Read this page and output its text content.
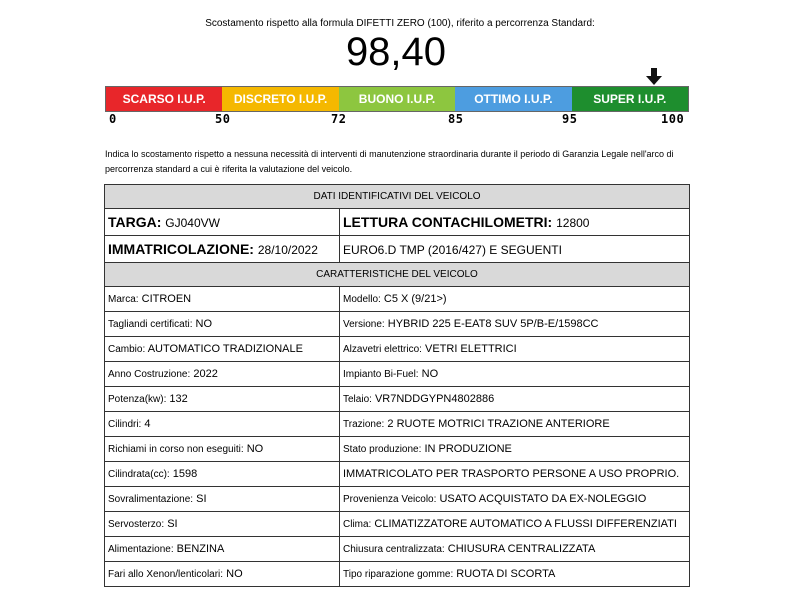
Scostamento rispetto alla formula DIFETTI ZERO (100), riferito a percorrenza Standard:
98,40
SCARSO I.U.P.	DISCRETO I.U.P.	BUONO I.U.P.	OTTIMO I.U.P.	SUPER I.U.P.
0	50	72	85	95	100
Indica lo scostamento rispetto a nessuna necessità di interventi di manutenzione straordinaria durante il periodo di Garanzia Legale nell'arco di percorrenza standard a cui è riferita la valutazione del veicolo.
DATI IDENTIFICATIVI DEL VEICOLO	
TARGA: GJ040VW	LETTURA CONTACHILOMETRI: 12800
IMMATRICOLAZIONE: 28/10/2022	EURO6.D TMP (2016/427) E SEGUENTI
CARATTERISTICHE DEL VEICOLO	
Marca: CITROEN	Modello: C5 X (9/21>)
Tagliandi certificati: NO	Versione: HYBRID 225 E-EAT8 SUV 5P/B-E/1598CC
Cambio: AUTOMATICO TRADIZIONALE	Alzavetri elettrico: VETRI ELETTRICI
Anno Costruzione: 2022	Impianto Bi-Fuel: NO
Potenza(kw): 132	Telaio: VR7NDDGYPN4802886
Cilindri: 4	Trazione: 2 RUOTE MOTRICI TRAZIONE ANTERIORE
Richiami in corso non eseguiti: NO	Stato produzione: IN PRODUZIONE
Cilindrata(cc): 1598	IMMATRICOLATO PER TRASPORTO PERSONE A USO PROPRIO.
Sovralimentazione: SI	Provenienza Veicolo: USATO ACQUISTATO DA EX-NOLEGGIO
Servosterzo: SI	Clima: CLIMATIZZATORE AUTOMATICO A FLUSSI DIFFERENZIATI
Alimentazione: BENZINA	Chiusura centralizzata: CHIUSURA CENTRALIZZATA
Fari allo Xenon/lenticolari: NO	Tipo riparazione gomme: RUOTA DI SCORTA
